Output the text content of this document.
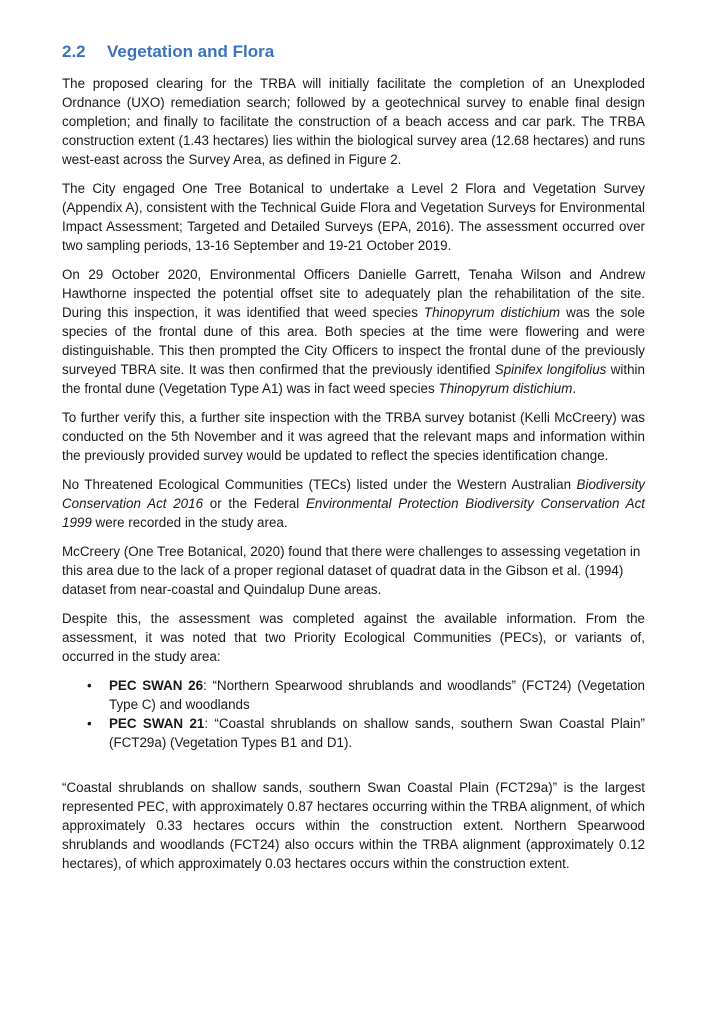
2.2 Vegetation and Flora

The proposed clearing for the TRBA will initially facilitate the completion of an Unexploded Ordnance (UXO) remediation search; followed by a geotechnical survey to enable final design completion; and finally to facilitate the construction of a beach access and car park. The TRBA construction extent (1.43 hectares) lies within the biological survey area (12.68 hectares) and runs west-east across the Survey Area, as defined in Figure 2.

The City engaged One Tree Botanical to undertake a Level 2 Flora and Vegetation Survey (Appendix A), consistent with the Technical Guide Flora and Vegetation Surveys for Environmental Impact Assessment; Targeted and Detailed Surveys (EPA, 2016). The assessment occurred over two sampling periods, 13-16 September and 19-21 October 2019.

On 29 October 2020, Environmental Officers Danielle Garrett, Tenaha Wilson and Andrew Hawthorne inspected the potential offset site to adequately plan the rehabilitation of the site. During this inspection, it was identified that weed species Thinopyrum distichium was the sole species of the frontal dune of this area. Both species at the time were flowering and were distinguishable. This then prompted the City Officers to inspect the frontal dune of the previously surveyed TBRA site. It was then confirmed that the previously identified Spinifex longifolius within the frontal dune (Vegetation Type A1) was in fact weed species Thinopyrum distichium.

To further verify this, a further site inspection with the TRBA survey botanist (Kelli McCreery) was conducted on the 5th November and it was agreed that the relevant maps and information within the previously provided survey would be updated to reflect the species identification change.

No Threatened Ecological Communities (TECs) listed under the Western Australian Biodiversity Conservation Act 2016 or the Federal Environmental Protection Biodiversity Conservation Act 1999 were recorded in the study area.

McCreery (One Tree Botanical, 2020) found that there were challenges to assessing vegetation in this area due to the lack of a proper regional dataset of quadrat data in the Gibson et al. (1994) dataset from near-coastal and Quindalup Dune areas.

Despite this, the assessment was completed against the available information. From the assessment, it was noted that two Priority Ecological Communities (PECs), or variants of, occurred in the study area:

• PEC SWAN 26: “Northern Spearwood shrublands and woodlands” (FCT24) (Vegetation Type C) and woodlands
• PEC SWAN 21: “Coastal shrublands on shallow sands, southern Swan Coastal Plain” (FCT29a) (Vegetation Types B1 and D1).

“Coastal shrublands on shallow sands, southern Swan Coastal Plain (FCT29a)” is the largest represented PEC, with approximately 0.87 hectares occurring within the TRBA alignment, of which approximately 0.33 hectares occurs within the construction extent. Northern Spearwood shrublands and woodlands (FCT24) also occurs within the TRBA alignment (approximately 0.12 hectares), of which approximately 0.03 hectares occurs within the construction extent.
